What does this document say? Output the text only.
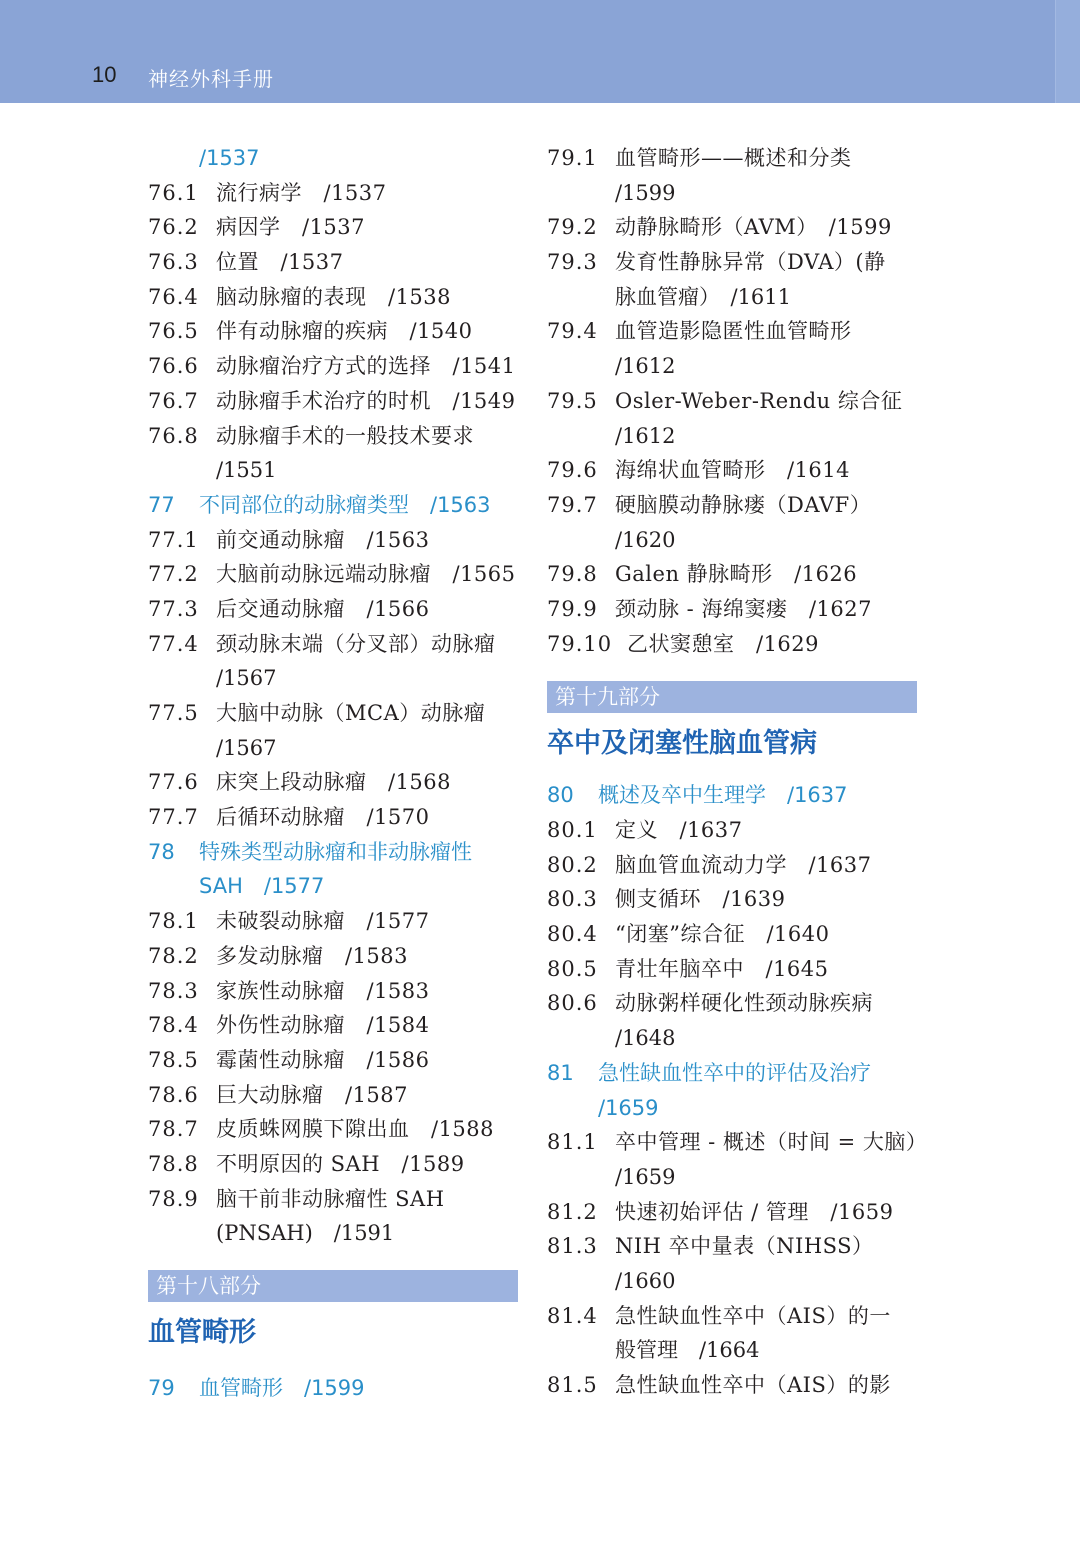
10 神经外科手册
/1537
76.1 流行病学　/1537
76.2 病因学　/1537
76.3 位置　/1537
76.4 脑动脉瘤的表现　/1538
76.5 伴有动脉瘤的疾病　/1540
76.6 动脉瘤治疗方式的选择　/1541
76.7 动脉瘤手术治疗的时机　/1549
76.8 动脉瘤手术的一般技术要求
/1551
77 不同部位的动脉瘤类型　/1563
77.1 前交通动脉瘤　/1563
77.2 大脑前动脉远端动脉瘤　/1565
77.3 后交通动脉瘤　/1566
77.4 颈动脉末端（分叉部）动脉瘤
/1567
77.5 大脑中动脉（MCA）动脉瘤
/1567
77.6 床突上段动脉瘤　/1568
77.7 后循环动脉瘤　/1570
78 特殊类型动脉瘤和非动脉瘤性
SAH　/1577
78.1 未破裂动脉瘤　/1577
78.2 多发动脉瘤　/1583
78.3 家族性动脉瘤　/1583
78.4 外伤性动脉瘤　/1584
78.5 霉菌性动脉瘤　/1586
78.6 巨大动脉瘤　/1587
78.7 皮质蛛网膜下隙出血　/1588
78.8 不明原因的 SAH　/1589
78.9 脑干前非动脉瘤性 SAH
(PNSAH)　/1591
第十八部分
血管畸形
79 血管畸形　/1599
79.1 血管畸形——概述和分类
/1599
79.2 动静脉畸形（AVM）　/1599
79.3 发育性静脉异常（DVA）(静
脉血管瘤）　/1611
79.4 血管造影隐匿性血管畸形
/1612
79.5 Osler-Weber-Rendu 综合征
/1612
79.6 海绵状血管畸形　/1614
79.7 硬脑膜动静脉瘘（DAVF）
/1620
79.8 Galen 静脉畸形　/1626
79.9 颈动脉 - 海绵窦瘘　/1627
79.10 乙状窦憩室　/1629
第十九部分
卒中及闭塞性脑血管病
80 概述及卒中生理学　/1637
80.1 定义　/1637
80.2 脑血管血流动力学　/1637
80.3 侧支循环　/1639
80.4 “闭塞”综合征　/1640
80.5 青壮年脑卒中　/1645
80.6 动脉粥样硬化性颈动脉疾病
/1648
81 急性缺血性卒中的评估及治疗
/1659
81.1 卒中管理 - 概述（时间 = 大脑）
/1659
81.2 快速初始评估 / 管理　/1659
81.3 NIH 卒中量表（NIHSS）
/1660
81.4 急性缺血性卒中（AIS）的一
般管理　/1664
81.5 急性缺血性卒中（AIS）的影
